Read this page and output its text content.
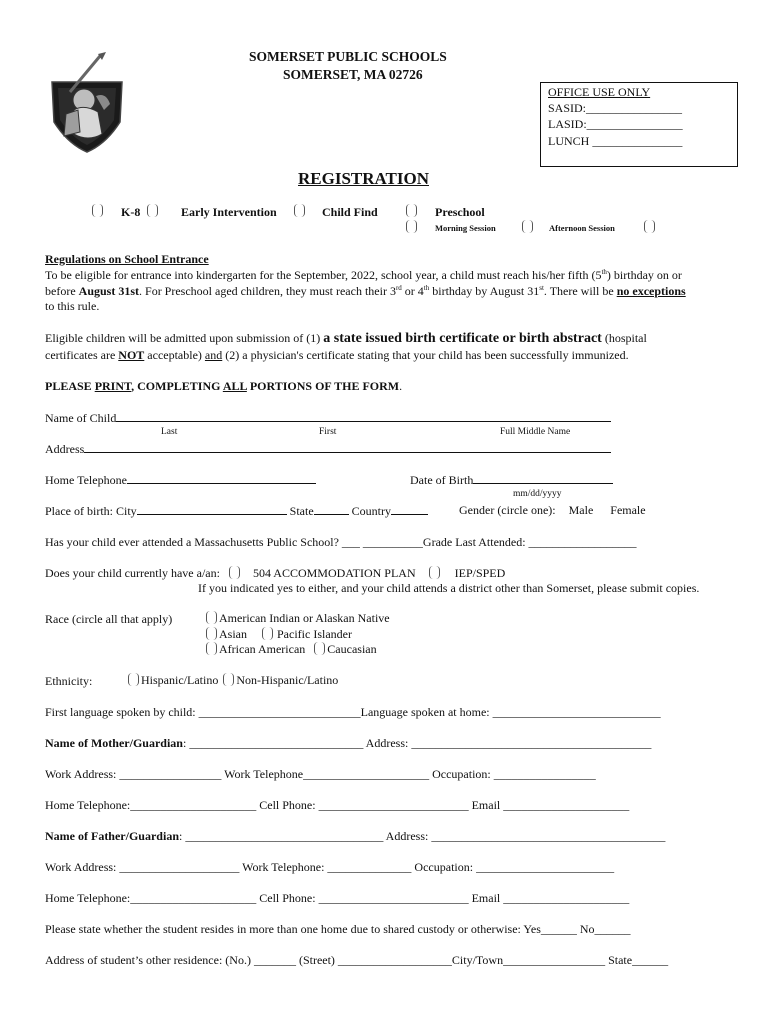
SOMERSET PUBLIC SCHOOLS
SOMERSET, MA 02726
OFFICE USE ONLY
SASID:________________
LASID:________________
LUNCH _______________
REGISTRATION
K-8	Early Intervention	Child Find	Preschool
Morning Session	Afternoon Session
Regulations on School Entrance
To be eligible for entrance into kindergarten for the September, 2022, school year, a child must reach his/her fifth (5th) birthday on or
before August 31st. For Preschool aged children, they must reach their 3rd or 4th birthday by August 31st. There will be no exceptions
to this rule.
Eligible children will be admitted upon submission of (1) a state issued birth certificate or birth abstract (hospital
certificates are NOT acceptable) and (2) a physician's certificate stating that your child has been successfully immunized.
PLEASE PRINT, COMPLETING ALL PORTIONS OF THE FORM.
Name of Child
Last	First	Full Middle Name
Address
Home Telephone	Date of Birth
mm/dd/yyyy
Place of birth: City	State	Country	Gender (circle one): Male Female
Has your child ever attended a Massachusetts Public School? ___ __________Grade Last Attended: __________________
Does your child currently have a/an:	504 ACCOMMODATION PLAN	IEP/SPED
If you indicated yes to either, and your child attends a district other than Somerset, please submit copies.
Race (circle all that apply)	American Indian or Alaskan Native
Asian	Pacific Islander
African American Caucasian
Ethnicity:	Hispanic/Latino Non-Hispanic/Latino
First language spoken by child: ___________________________Language spoken at home: ____________________________
Name of Mother/Guardian: _____________________________ Address: ________________________________________
Work Address: _________________ Work Telephone_____________________ Occupation: _________________
Home Telephone:_____________________ Cell Phone: _________________________ Email _____________________
Name of Father/Guardian: _________________________________ Address: _______________________________________
Work Address: ____________________ Work Telephone: ______________ Occupation: _______________________
Home Telephone:_____________________ Cell Phone: _________________________ Email _____________________
Please state whether the student resides in more than one home due to shared custody or otherwise: Yes______ No______
Address of student’s other residence: (No.) _______ (Street) ___________________City/Town_________________ State______
